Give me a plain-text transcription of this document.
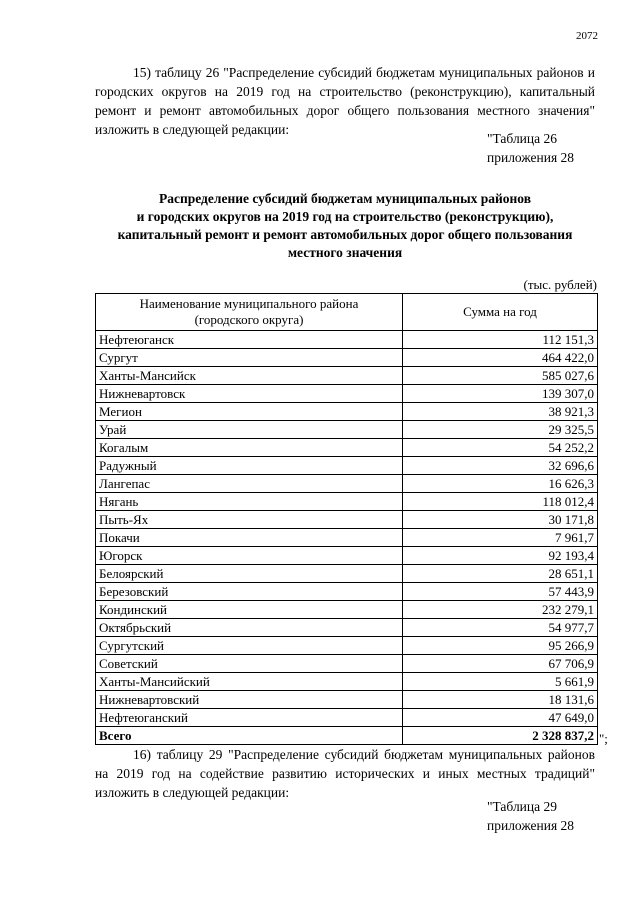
2072
15) таблицу 26 "Распределение субсидий бюджетам муниципальных районов и городских округов на 2019 год на строительство (реконструкцию), капитальный ремонт и ремонт автомобильных дорог общего пользования местного значения" изложить в следующей редакции:
"Таблица 26
приложения 28
Распределение субсидий бюджетам муниципальных районов
и городских округов на 2019 год на строительство (реконструкцию),
капитальный ремонт и ремонт автомобильных дорог общего пользования
местного значения
(тыс. рублей)
Наименование муниципального района
(городского округа)	Сумма на год
Нефтеюганск	112 151,3
Сургут	464 422,0
Ханты-Мансийск	585 027,6
Нижневартовск	139 307,0
Мегион	38 921,3
Урай	29 325,5
Когалым	54 252,2
Радужный	32 696,6
Лангепас	16 626,3
Нягань	118 012,4
Пыть-Ях	30 171,8
Покачи	7 961,7
Югорск	92 193,4
Белоярский	28 651,1
Березовский	57 443,9
Кондинский	232 279,1
Октябрьский	54 977,7
Сургутский	95 266,9
Советский	67 706,9
Ханты-Мансийский	5 661,9
Нижневартовский	18 131,6
Нефтеюганский	47 649,0
Всего	2 328 837,2 ";
16) таблицу 29 "Распределение субсидий бюджетам муниципальных районов на 2019 год на содействие развитию исторических и иных местных традиций" изложить в следующей редакции:
"Таблица 29
приложения 28
